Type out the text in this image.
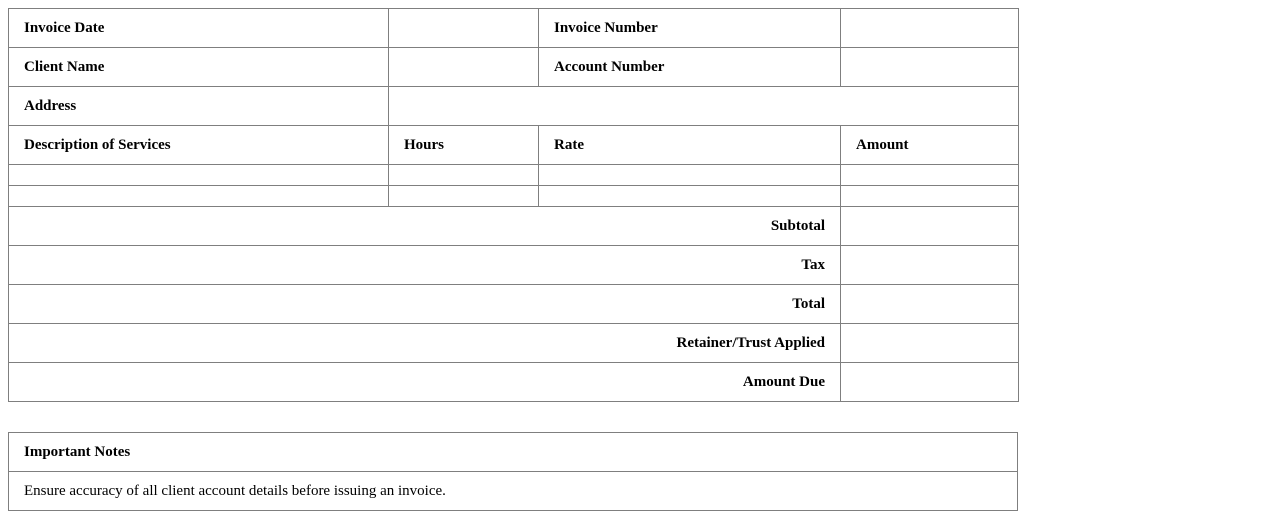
Invoice Date		Invoice Number	
Client Name		Account Number	
Address			
Description of Services	Hours	Rate	Amount

Subtotal			
Tax			
Total			
Retainer/Trust Applied			
Amount Due			
Important Notes
Ensure accuracy of all client account details before issuing an invoice.
